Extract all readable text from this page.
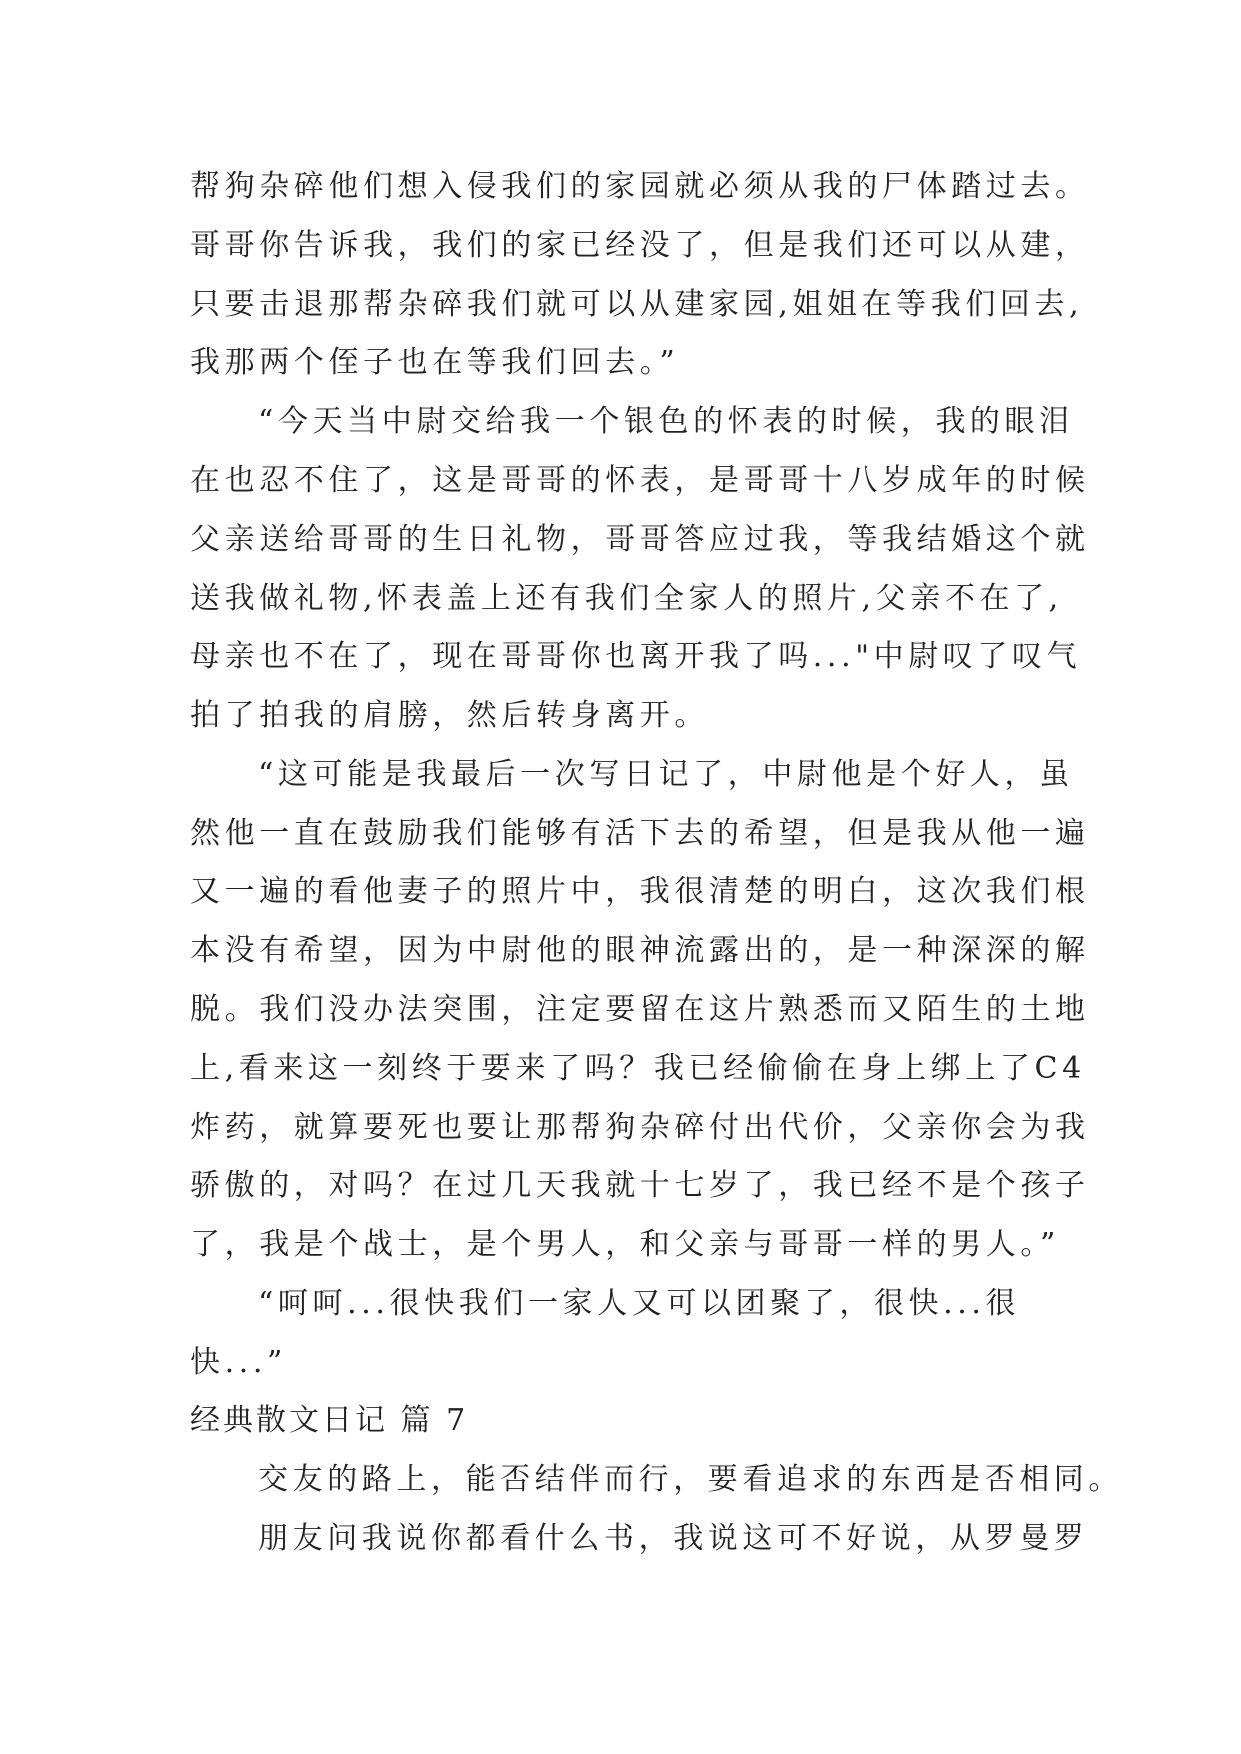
帮狗杂碎他们想入侵我们的家园就必须从我的尸体踏过去。
哥哥你告诉我，我们的家已经没了，但是我们还可以从建，
只要击退那帮杂碎我们就可以从建家园,姐姐在等我们回去,
我那两个侄子也在等我们回去。”
“今天当中尉交给我一个银色的怀表的时候，我的眼泪
在也忍不住了，这是哥哥的怀表，是哥哥十八岁成年的时候
父亲送给哥哥的生日礼物，哥哥答应过我，等我结婚这个就
送我做礼物,怀表盖上还有我们全家人的照片,父亲不在了,
母亲也不在了，现在哥哥你也离开我了吗..."中尉叹了叹气
拍了拍我的肩膀，然后转身离开。
“这可能是我最后一次写日记了，中尉他是个好人，虽
然他一直在鼓励我们能够有活下去的希望，但是我从他一遍
又一遍的看他妻子的照片中，我很清楚的明白，这次我们根
本没有希望，因为中尉他的眼神流露出的，是一种深深的解
脱。我们没办法突围，注定要留在这片熟悉而又陌生的土地
上,看来这一刻终于要来了吗？我已经偷偷在身上绑上了C4
炸药，就算要死也要让那帮狗杂碎付出代价，父亲你会为我
骄傲的，对吗？在过几天我就十七岁了，我已经不是个孩子
了，我是个战士，是个男人，和父亲与哥哥一样的男人。”
“呵呵...很快我们一家人又可以团聚了，很快...很
快...”
经典散文日记 篇 7
交友的路上，能否结伴而行，要看追求的东西是否相同。
朋友问我说你都看什么书，我说这可不好说，从罗曼罗
